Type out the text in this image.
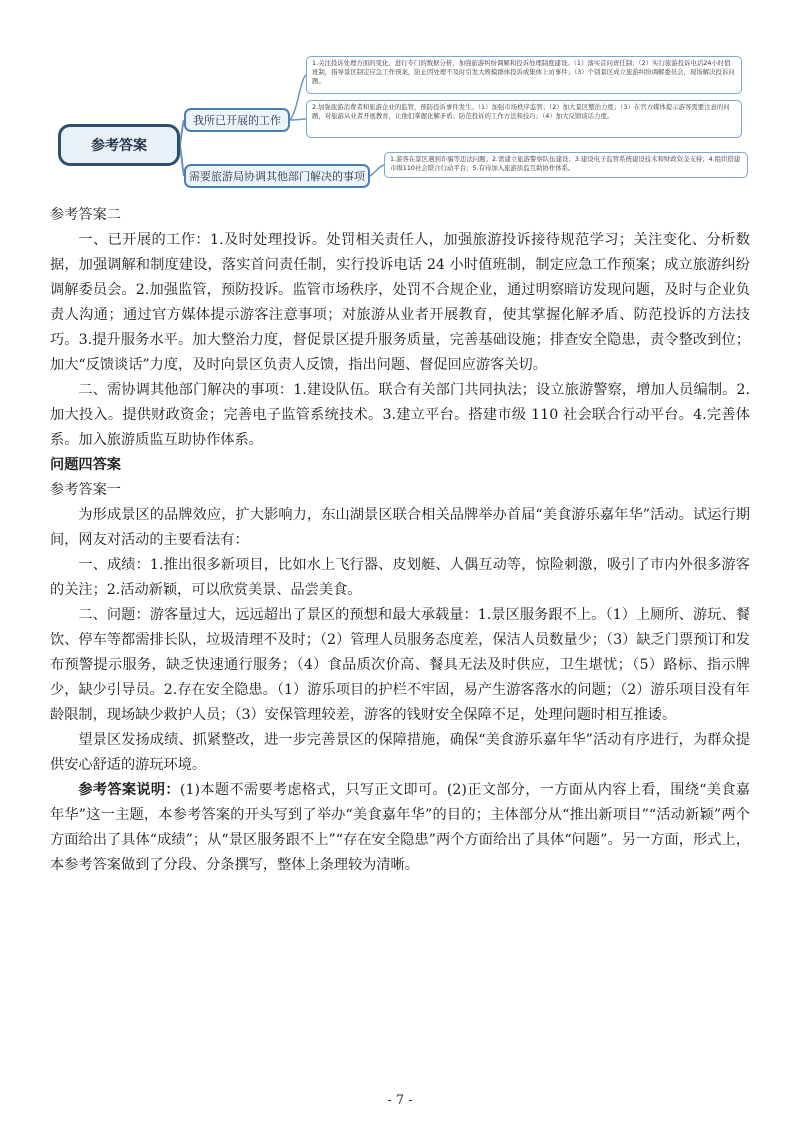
参考答案
我所已开展的工作
需要旅游局协调其他部门解决的事项
1.关注投诉处理方面的变化，进行专门的数据分析，加强旅游纠纷调解和投诉处理制度建设。（1）落实首问责任制；（2）实行旅游投诉电话24小时值班制，指导景区制定应急工作预案，防止因处理不及时引发大规模群体投诉或集体上访事件；（3）个别景区成立旅游纠纷调解委员会，现场解决投诉问题。
2.加强旅游消费者和旅游企业的监管，预防投诉事件发生。（1）加强市场秩序监管；（2）加大景区整治力度；（3）在官方媒体提示游客需要注意的问题，对旅游从业者开展教育，让他们掌握化解矛盾、防范投诉的工作方法和技巧；（4）加大反馈谈话力度。
1.游客在景区遇到诈骗等违法问题；2.需建立旅游警察队伍建设；3.建设电子监管系统建设技术和财政资金支持；4.组织搭建市级110社会联合行动平台；5.有待加入旅游质监互助协作体系。

参考答案二

一、已开展的工作：1.及时处理投诉。处罚相关责任人，加强旅游投诉接待规范学习；关注变化、分析数据，加强调解和制度建设，落实首问责任制，实行投诉电话 24 小时值班制，制定应急工作预案；成立旅游纠纷调解委员会。2.加强监管，预防投诉。监管市场秩序，处罚不合规企业，通过明察暗访发现问题，及时与企业负责人沟通；通过官方媒体提示游客注意事项；对旅游从业者开展教育，使其掌握化解矛盾、防范投诉的方法技巧。3.提升服务水平。加大整治力度，督促景区提升服务质量，完善基础设施；排查安全隐患，责令整改到位；加大“反馈谈话”力度，及时向景区负责人反馈，指出问题、督促回应游客关切。

二、需协调其他部门解决的事项：1.建设队伍。联合有关部门共同执法；设立旅游警察，增加人员编制。2.加大投入。提供财政资金；完善电子监管系统技术。3.建立平台。搭建市级 110 社会联合行动平台。4.完善体系。加入旅游质监互助协作体系。

问题四答案

参考答案一

为形成景区的品牌效应，扩大影响力，东山湖景区联合相关品牌举办首届“美食游乐嘉年华”活动。试运行期间，网友对活动的主要看法有：

一、成绩：1.推出很多新项目，比如水上飞行器、皮划艇、人偶互动等，惊险刺激，吸引了市内外很多游客的关注；2.活动新颖，可以欣赏美景、品尝美食。

二、问题：游客量过大，远远超出了景区的预想和最大承载量：1.景区服务跟不上。（1）上厕所、游玩、餐饮、停车等都需排长队，垃圾清理不及时；（2）管理人员服务态度差，保洁人员数量少；（3）缺乏门票预订和发布预警提示服务，缺乏快速通行服务；（4）食品质次价高、餐具无法及时供应，卫生堪忧；（5）路标、指示牌少，缺少引导员。2.存在安全隐患。（1）游乐项目的护栏不牢固，易产生游客落水的问题；（2）游乐项目没有年龄限制，现场缺少救护人员；（3）安保管理较差，游客的钱财安全保障不足，处理问题时相互推诿。

望景区发扬成绩、抓紧整改，进一步完善景区的保障措施，确保“美食游乐嘉年华”活动有序进行，为群众提供安心舒适的游玩环境。

参考答案说明：(1)本题不需要考虑格式，只写正文即可。(2)正文部分，一方面从内容上看，围绕“美食嘉年华”这一主题，本参考答案的开头写到了举办“美食嘉年华”的目的；主体部分从“推出新项目”“活动新颖”两个方面给出了具体“成绩”；从“景区服务跟不上”“存在安全隐患”两个方面给出了具体“问题”。另一方面，形式上，本参考答案做到了分段、分条撰写，整体上条理较为清晰。

- 7 -
